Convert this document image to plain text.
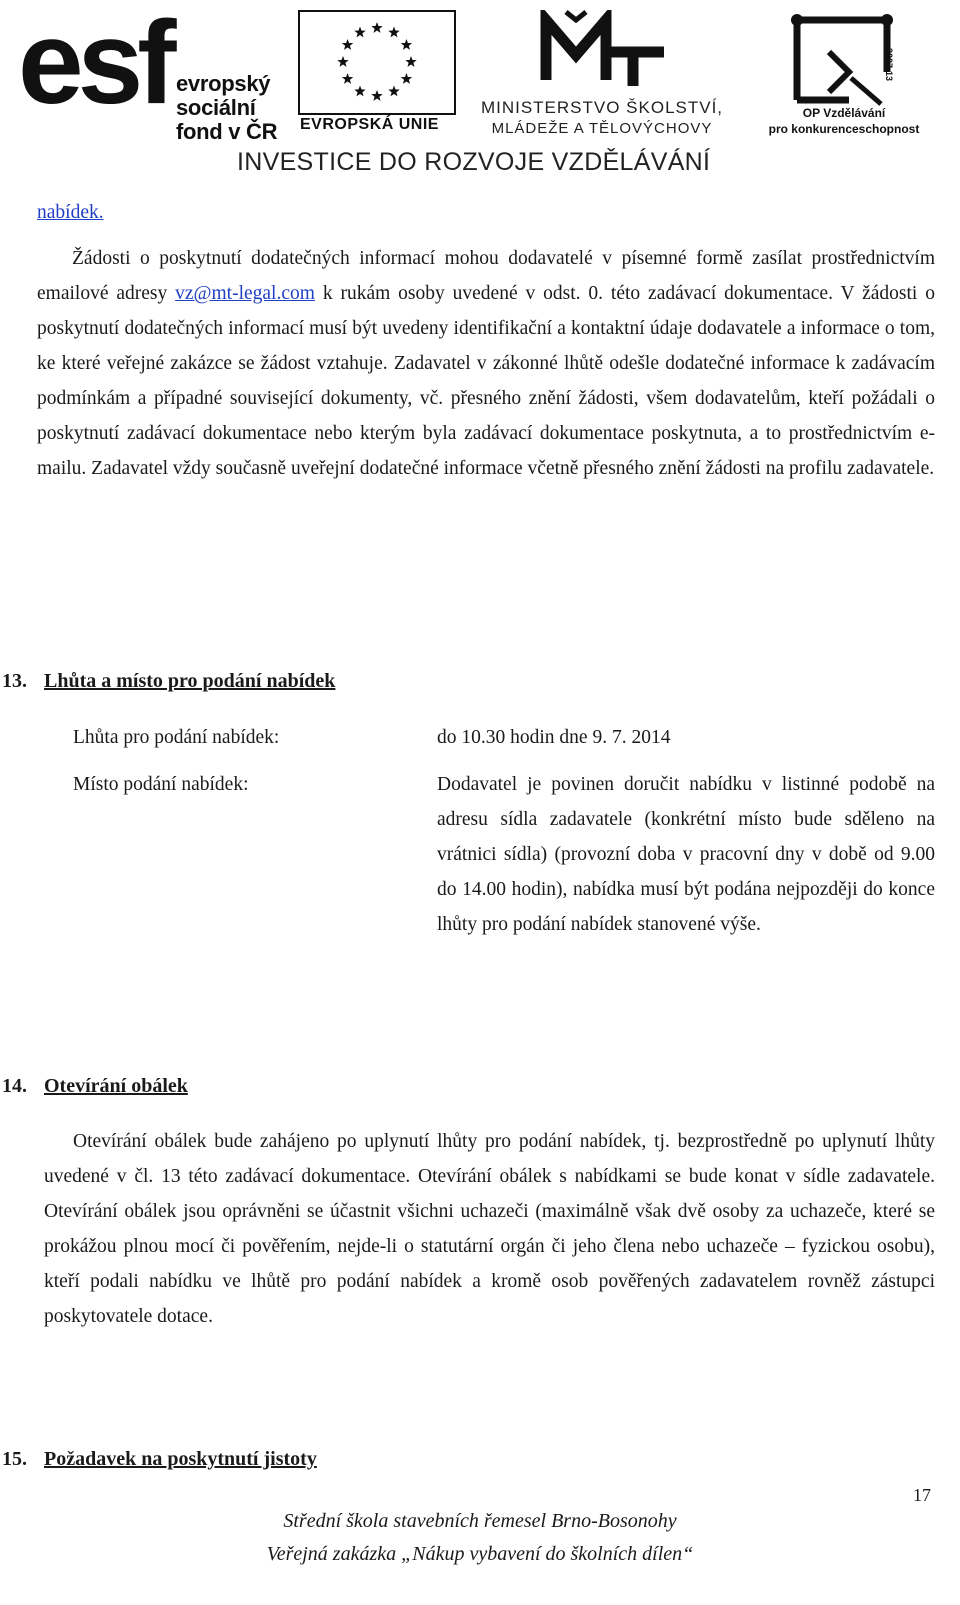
esf evropský
sociální
fond v ČR EVROPSKÁ UNIE
MINISTERSTVO ŠKOLSTVÍ,
MLÁDEŽE A TĚLOVÝCHOVY
2007-13
OP Vzdělávání
pro konkurenceschopnost
INVESTICE DO ROZVOJE VZDĚLÁVÁNÍ
nabídek.
Žádosti o poskytnutí dodatečných informací mohou dodavatelé v písemné formě zasílat prostřednictvím emailové adresy vz@mt-legal.com k rukám osoby uvedené v odst. 0. této zadávací dokumentace. V žádosti o poskytnutí dodatečných informací musí být uvedeny identifikační a kontaktní údaje dodavatele a informace o tom, ke které veřejné zakázce se žádost vztahuje. Zadavatel v zákonné lhůtě odešle dodatečné informace k zadávacím podmínkám a případné související dokumenty, vč. přesného znění žádosti, všem dodavatelům, kteří požádali o poskytnutí zadávací dokumentace nebo kterým byla zadávací dokumentace poskytnuta, a to prostřednictvím e-mailu. Zadavatel vždy současně uveřejní dodatečné informace včetně přesného znění žádosti na profilu zadavatele.
13. Lhůta a místo pro podání nabídek
Lhůta pro podání nabídek:	do 10.30 hodin dne 9. 7. 2014
Místo podání nabídek:	Dodavatel je povinen doručit nabídku v listinné podobě na adresu sídla zadavatele (konkrétní místo bude sděleno na vrátnici sídla) (provozní doba v pracovní dny v době od 9.00 do 14.00 hodin), nabídka musí být podána nejpozději do konce lhůty pro podání nabídek stanovené výše.
14. Otevírání obálek
Otevírání obálek bude zahájeno po uplynutí lhůty pro podání nabídek, tj. bezprostředně po uplynutí lhůty uvedené v čl. 13 této zadávací dokumentace. Otevírání obálek s nabídkami se bude konat v sídle zadavatele. Otevírání obálek jsou oprávněni se účastnit všichni uchazeči (maximálně však dvě osoby za uchazeče, které se prokážou plnou mocí či pověřením, nejde-li o statutární orgán či jeho člena nebo uchazeče – fyzickou osobu), kteří podali nabídku ve lhůtě pro podání nabídek a kromě osob pověřených zadavatelem rovněž zástupci poskytovatele dotace.
15. Požadavek na poskytnutí jistoty
17
Střední škola stavebních řemesel Brno-Bosonohy
Veřejná zakázka „Nákup vybavení do školních dílen“
